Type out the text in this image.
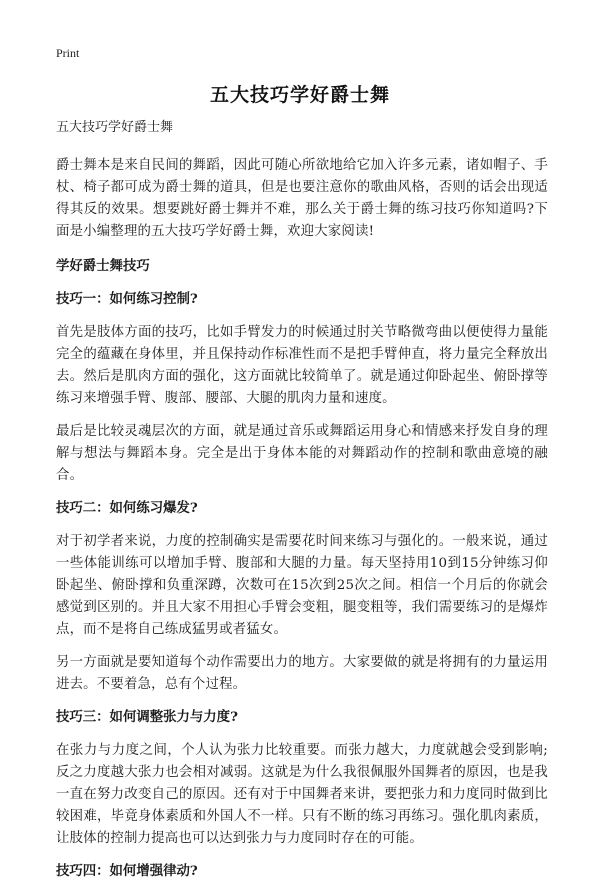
Print
五大技巧学好爵士舞
五大技巧学好爵士舞

爵士舞本是来自民间的舞蹈，因此可随心所欲地给它加入许多元素，诸如帽子、手杖、椅子都可成为爵士舞的道具，但是也要注意你的歌曲风格，否则的话会出现适得其反的效果。想要跳好爵士舞并不难，那么关于爵士舞的练习技巧你知道吗?下面是小编整理的五大技巧学好爵士舞，欢迎大家阅读!

学好爵士舞技巧
技巧一：如何练习控制?

首先是肢体方面的技巧，比如手臂发力的时候通过肘关节略微弯曲以便使得力量能完全的蕴藏在身体里，并且保持动作标准性而不是把手臂伸直，将力量完全释放出去。然后是肌肉方面的强化，这方面就比较简单了。就是通过仰卧起坐、俯卧撑等练习来增强手臂、腹部、腰部、大腿的肌肉力量和速度。

最后是比较灵魂层次的方面，就是通过音乐或舞蹈运用身心和情感来抒发自身的理解与想法与舞蹈本身。完全是出于身体本能的对舞蹈动作的控制和歌曲意境的融合。

技巧二：如何练习爆发?

对于初学者来说，力度的控制确实是需要花时间来练习与强化的。一般来说，通过一些体能训练可以增加手臂、腹部和大腿的力量。每天坚持用10到15分钟练习仰卧起坐、俯卧撑和负重深蹲，次数可在15次到25次之间。相信一个月后的你就会感觉到区别的。并且大家不用担心手臂会变粗，腿变粗等，我们需要练习的是爆炸点，而不是将自己练成猛男或者猛女。

另一方面就是要知道每个动作需要出力的地方。大家要做的就是将拥有的力量运用进去。不要着急，总有个过程。

技巧三：如何调整张力与力度?

在张力与力度之间，个人认为张力比较重要。而张力越大，力度就越会受到影响;反之力度越大张力也会相对减弱。这就是为什么我很佩服外国舞者的原因，也是我一直在努力改变自己的原因。还有对于中国舞者来讲，要把张力和力度同时做到比较困难，毕竟身体素质和外国人不一样。只有不断的练习再练习。强化肌肉素质，让肢体的控制力提高也可以达到张力与力度同时存在的可能。

技巧四：如何增强律动?
